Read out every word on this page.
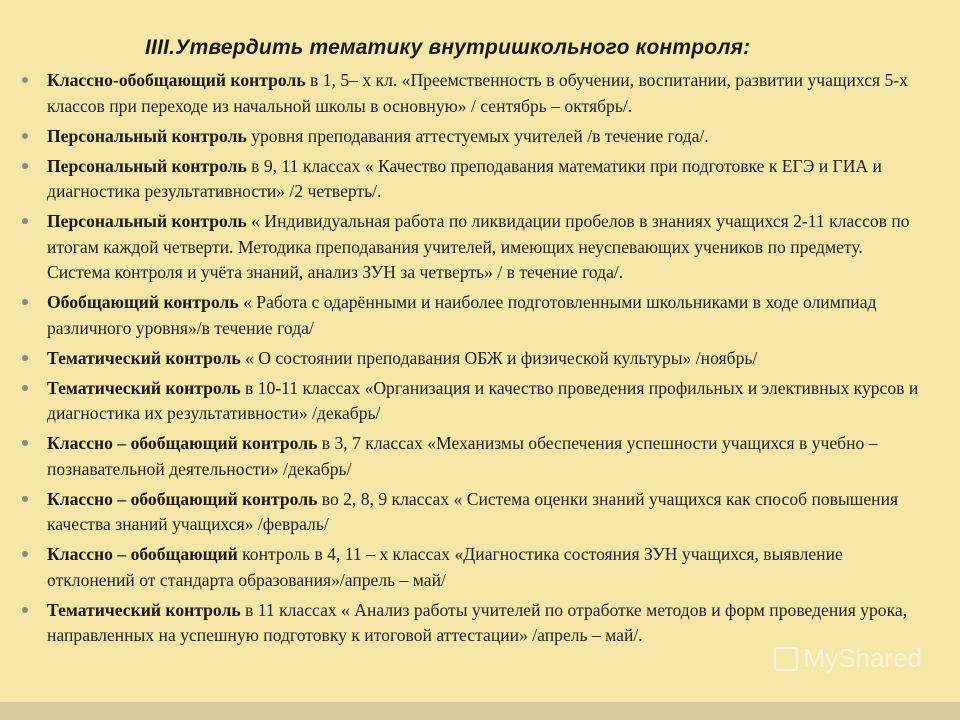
IIII.Утвердить тематику внутришкольного контроля:
Классно-обобщающий контроль в 1, 5– х кл. «Преемственность в обучении, воспитании, развитии учащихся 5-х классов при переходе из начальной школы в основную» / сентябрь – октябрь/.
Персональный контроль уровня преподавания аттестуемых учителей /в течение года/.
Персональный контроль в 9, 11 классах « Качество преподавания математики при подготовке к ЕГЭ и ГИА и диагностика результативности» /2 четверть/.
Персональный контроль « Индивидуальная работа по ликвидации пробелов в знаниях учащихся 2-11 классов по итогам каждой четверти. Методика преподавания учителей, имеющих неуспевающих учеников по предмету. Система контроля и учёта знаний, анализ ЗУН за четверть» / в течение года/.
Обобщающий контроль « Работа с одарёнными и наиболее подготовленными школьниками в ходе олимпиад различного уровня»/в течение года/
Тематический контроль « О состоянии преподавания ОБЖ и физической культуры» /ноябрь/
Тематический контроль в 10-11 классах «Организация и качество проведения профильных и элективных курсов и диагностика их результативности» /декабрь/
Классно – обобщающий контроль в 3, 7 классах «Механизмы обеспечения успешности учащихся в учебно – познавательной деятельности» /декабрь/
Классно – обобщающий контроль во 2, 8, 9 классах « Система оценки знаний учащихся как способ повышения качества знаний учащихся» /февраль/
Классно – обобщающий контроль в 4, 11 – х классах «Диагностика состояния ЗУН учащихся, выявление отклонений от стандарта образования»/апрель – май/
Тематический контроль в 11 классах « Анализ работы учителей по отработке методов и форм проведения урока, направленных на успешную подготовку к итоговой аттестации» /апрель – май/.
MyShared
